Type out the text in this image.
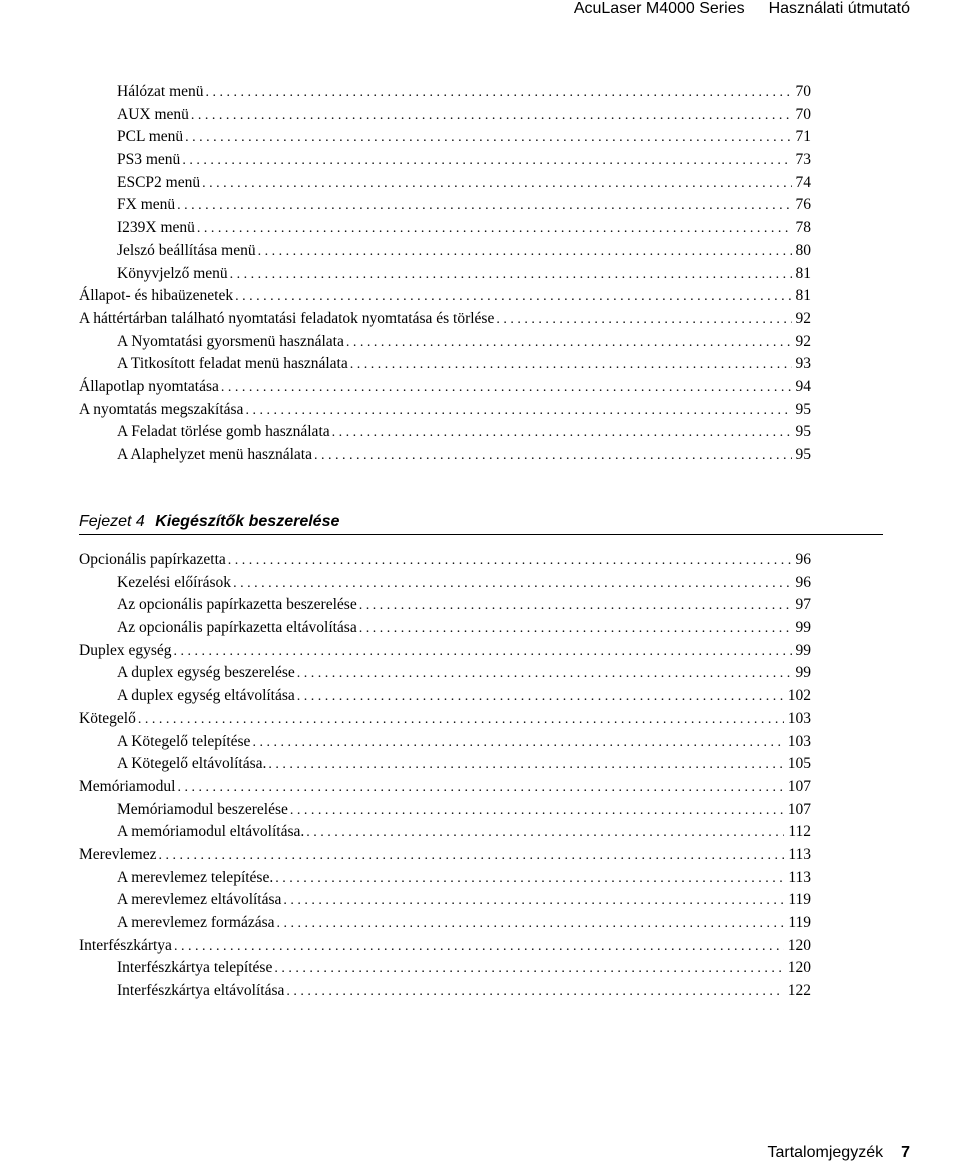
AcuLaser M4000 Series Használati útmutató
Hálózat menü . . .	70
AUX menü . . .	70
PCL menü . . .	71
PS3 menü . . .	73
ESCP2 menü . . .	74
FX menü . . .	76
I239X menü . . .	78
Jelszó beállítása menü . . .	80
Könyvjelző menü . . .	81
Állapot- és hibaüzenetek . . .	81
A háttértárban található nyomtatási feladatok nyomtatása és törlése . . .	92
A Nyomtatási gyorsmenü használata . . .	92
A Titkosított feladat menü használata . . .	93
Állapotlap nyomtatása . . .	94
A nyomtatás megszakítása . . .	95
A Feladat törlése gomb használata . . .	95
A Alaphelyzet menü használata . . .	95
Fejezet 4 Kiegészítők beszerelése
Opcionális papírkazetta . . .	96
Kezelési előírások . . .	96
Az opcionális papírkazetta beszerelése . . .	97
Az opcionális papírkazetta eltávolítása . . .	99
Duplex egység . . .	99
A duplex egység beszerelése . . .	99
A duplex egység eltávolítása . . .	102
Kötegelő . . .	103
A Kötegelő telepítése . . .	103
A Kötegelő eltávolítása. . . .	105
Memóriamodul . . .	107
Memóriamodul beszerelése . . .	107
A memóriamodul eltávolítása. . . .	112
Merevlemez . . .	113
A merevlemez telepítése. . . .	113
A merevlemez eltávolítása . . .	119
A merevlemez formázása . . .	119
Interfészkártya . . .	120
Interfészkártya telepítése . . .	120
Interfészkártya eltávolítása . . .	122
Tartalomjegyzék 7
